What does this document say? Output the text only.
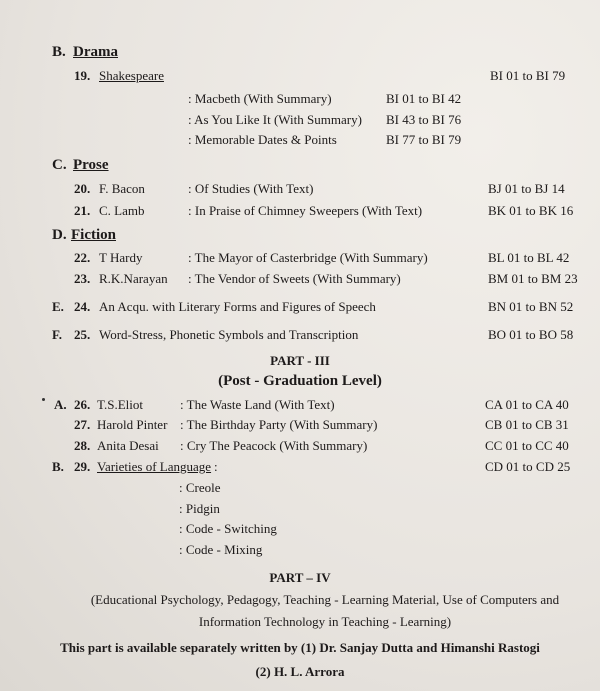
B. Drama
19. Shakespeare	BI 01 to BI 79
: Macbeth (With Summary)	BI 01 to BI 42
: As You Like It (With Summary) BI 43 to BI 76
: Memorable Dates & Points	BI 77 to BI 79
C. Prose
20. F. Bacon	: Of Studies (With Text)	BJ 01 to BJ 14
21. C. Lamb	: In Praise of Chimney Sweepers (With Text)	BK 01 to BK 16
D. Fiction
22. T Hardy	: The Mayor of Casterbridge (With Summary)	BL 01 to BL 42
23. R.K.Narayan : The Vendor of Sweets (With Summary)	BM 01 to BM 23
E. 24. An Acqu. with Literary Forms and Figures of Speech	BN 01 to BN 52
F. 25. Word-Stress, Phonetic Symbols and Transcription	BO 01 to BO 58
PART - III
(Post - Graduation Level)
A. 26. T.S.Eliot	: The Waste Land (With Text)	CA 01 to CA 40
27. Harold Pinter : The Birthday Party (With Summary)	CB 01 to CB 31
28. Anita Desai : Cry The Peacock (With Summary)	CC 01 to CC 40
B. 29. Varieties of Language :	CD 01 to CD 25
: Creole
: Pidgin
: Code - Switching
: Code - Mixing
PART – IV
(Educational Psychology, Pedagogy, Teaching - Learning Material, Use of Computers and Information Technology in Teaching - Learning)
This part is available separately written by (1) Dr. Sanjay Dutta and Himanshi Rastogi
(2) H. L. Arrora
